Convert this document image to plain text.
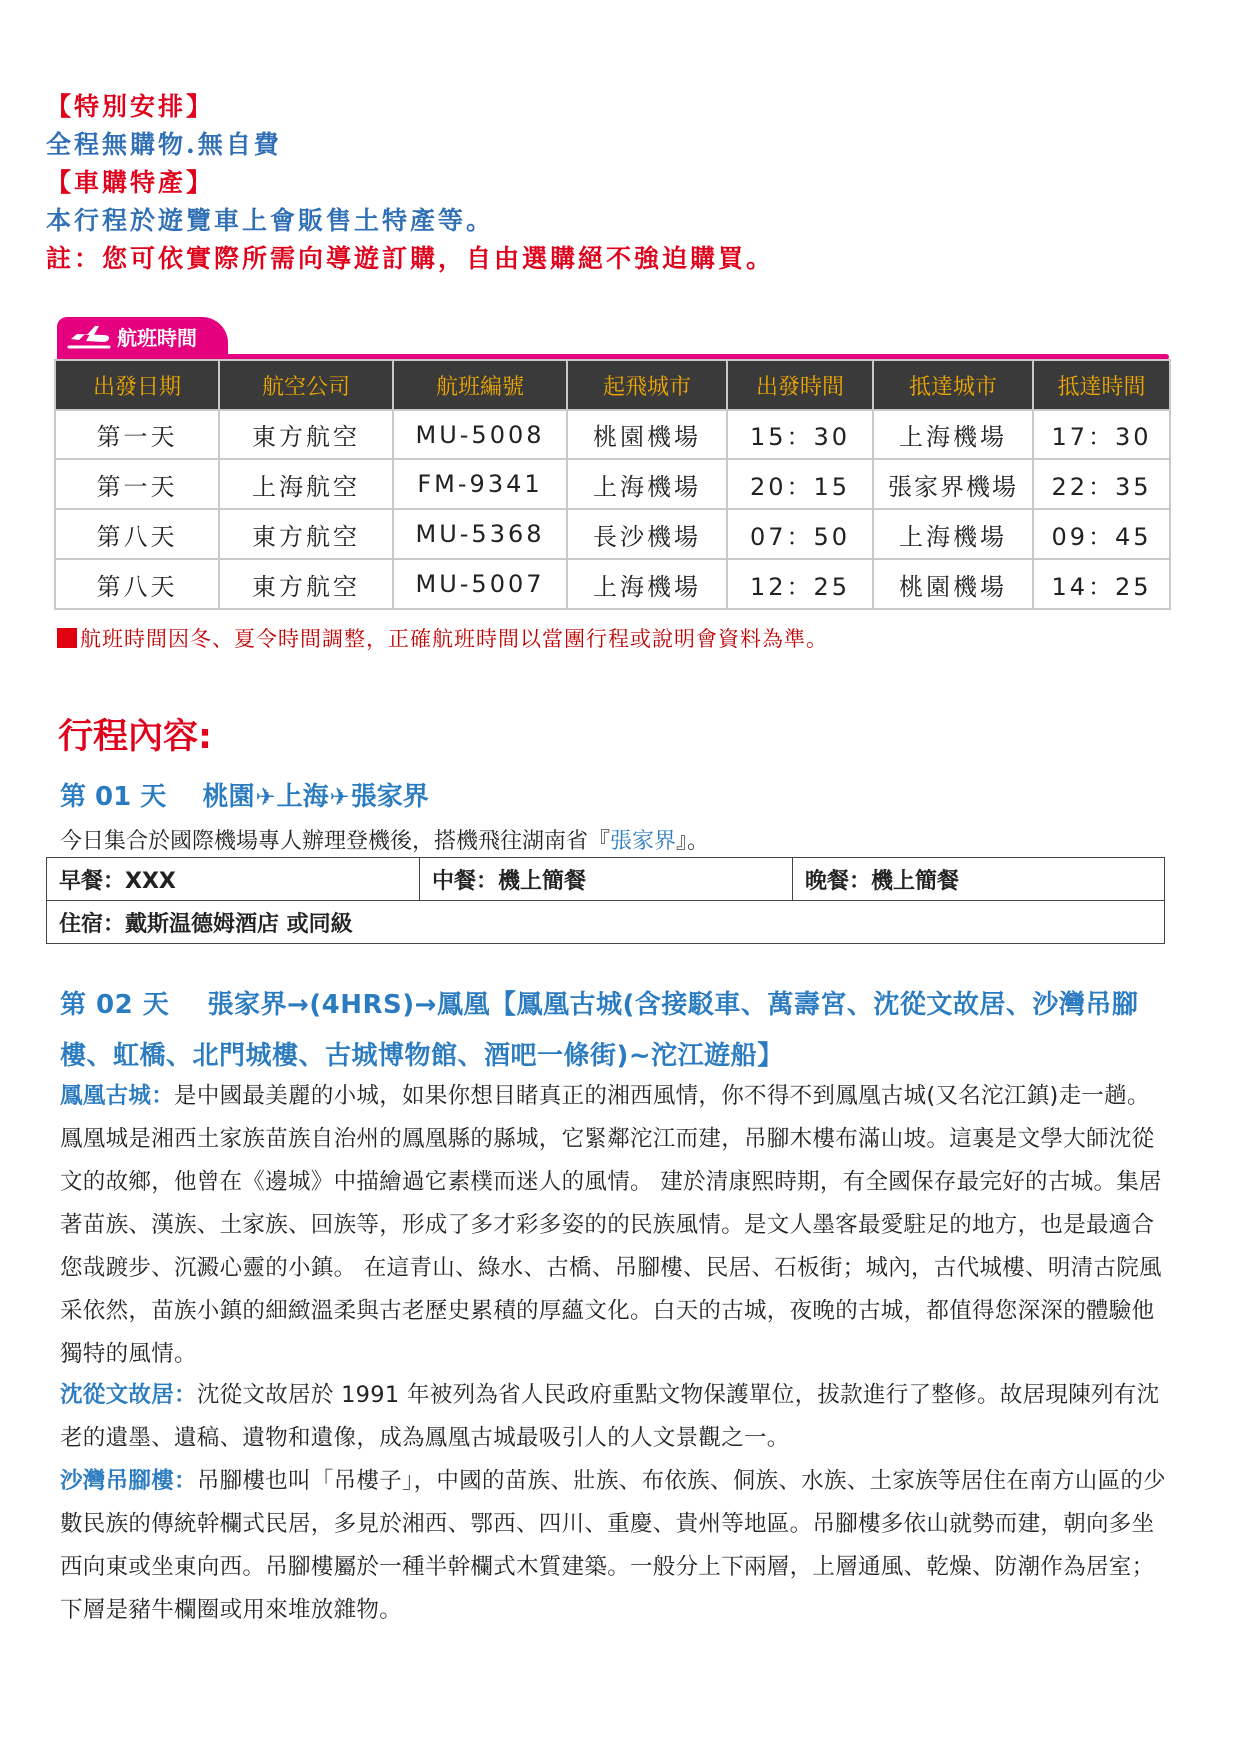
【特別安排】
全程無購物.無自費
【車購特產】
本行程於遊覽車上會販售土特產等。
註：您可依實際所需向導遊訂購，自由選購絕不強迫購買。
航班時間
出發日期	航空公司	航班編號	起飛城市	出發時間	抵達城市	抵達時間
第一天	東方航空	MU-5008	桃園機場	15：30	上海機場	17：30
第一天	上海航空	FM-9341	上海機場	20：15	張家界機場	22：35
第八天	東方航空	MU-5368	長沙機場	07：50	上海機場	09：45
第八天	東方航空	MU-5007	上海機場	12：25	桃園機場	14：25
航班時間因冬、夏令時間調整，正確航班時間以當團行程或說明會資料為準。
行程內容:
第 01 天 桃園✈上海✈張家界
今日集合於國際機場專人辦理登機後，搭機飛往湖南省『張家界』。
早餐：XXX	中餐：機上簡餐	晚餐：機上簡餐
住宿：戴斯温德姆酒店 或同級
第 02 天 張家界→(4HRS)→鳳凰【鳳凰古城(含接駁車、萬壽宮、沈從文故居、沙灣吊腳樓、虹橋、北門城樓、古城博物館、酒吧一條街)~沱江遊船】
鳳凰古城：是中國最美麗的小城，如果你想目睹真正的湘西風情，你不得不到鳳凰古城(又名沱江鎮)走一趟。鳳凰城是湘西土家族苗族自治州的鳳凰縣的縣城，它緊鄰沱江而建，吊腳木樓布滿山坡。這裏是文學大師沈從文的故鄉，他曾在《邊城》中描繪過它素樸而迷人的風情。 建於清康熙時期，有全國保存最完好的古城。集居著苗族、漢族、土家族、回族等，形成了多才彩多姿的的民族風情。是文人墨客最愛駐足的地方，也是最適合您哉踱步、沉澱心靈的小鎮。 在這青山、綠水、古橋、吊腳樓、民居、石板街；城內，古代城樓、明清古院風采依然，苗族小鎮的細緻溫柔與古老歷史累積的厚蘊文化。白天的古城，夜晚的古城，都值得您深深的體驗他獨特的風情。
沈從文故居：沈從文故居於 1991 年被列為省人民政府重點文物保護單位，拔款進行了整修。故居現陳列有沈老的遺墨、遺稿、遺物和遺像，成為鳳凰古城最吸引人的人文景觀之一。
沙灣吊腳樓：吊腳樓也叫「吊樓子」，中國的苗族、壯族、布依族、侗族、水族、土家族等居住在南方山區的少數民族的傳統幹欄式民居，多見於湘西、鄂西、四川、重慶、貴州等地區。吊腳樓多依山就勢而建，朝向多坐西向東或坐東向西。吊腳樓屬於一種半幹欄式木質建築。一般分上下兩層，上層通風、乾燥、防潮作為居室；下層是豬牛欄圈或用來堆放雜物。
